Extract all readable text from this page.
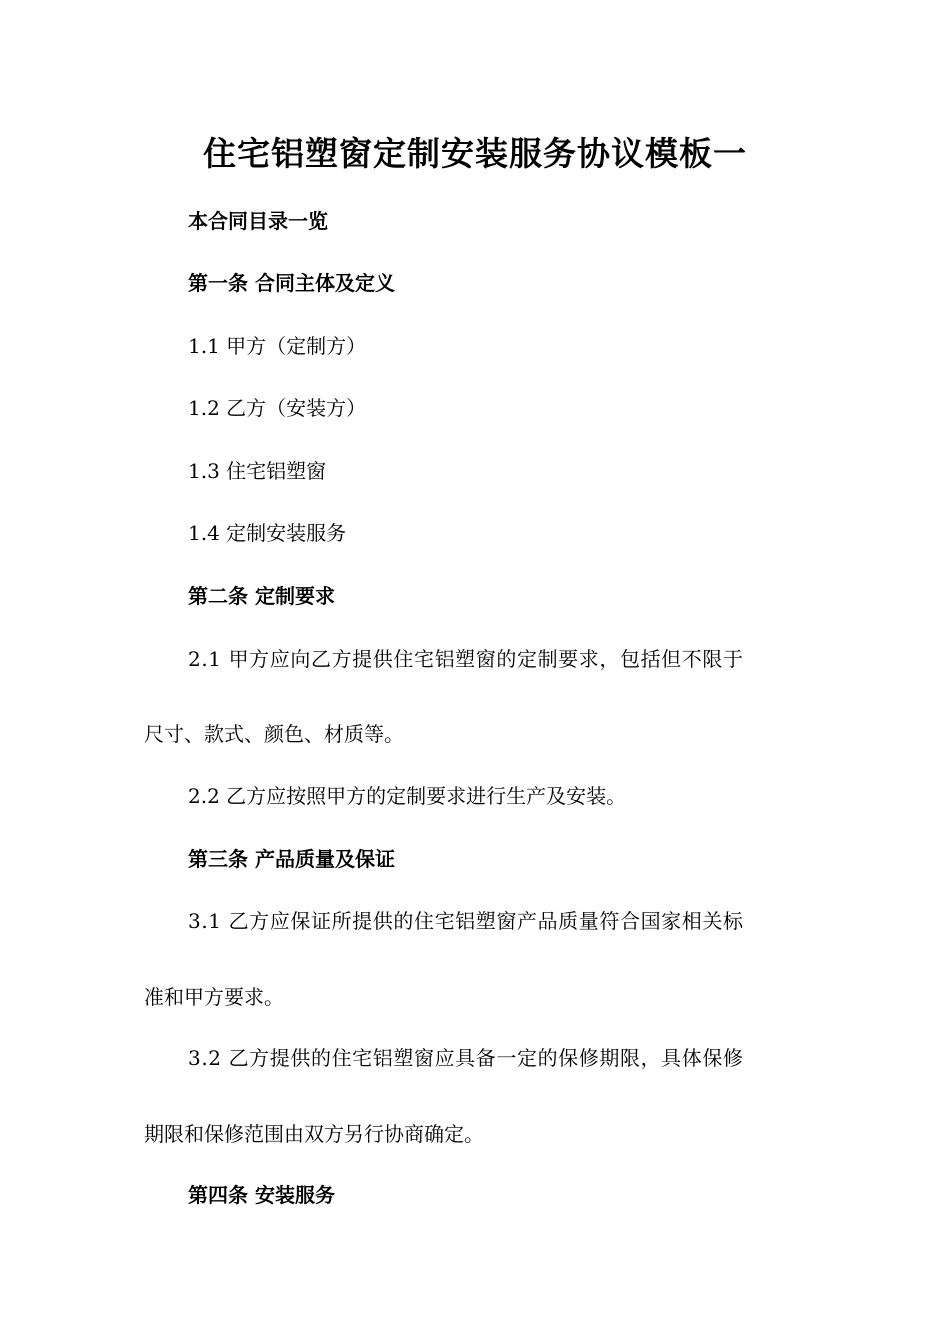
住宅铝塑窗定制安装服务协议模板一
本合同目录一览
第一条 合同主体及定义
1.1 甲方（定制方）
1.2 乙方（安装方）
1.3 住宅铝塑窗
1.4 定制安装服务
第二条 定制要求
2.1 甲方应向乙方提供住宅铝塑窗的定制要求，包括但不限于
尺寸、款式、颜色、材质等。
2.2 乙方应按照甲方的定制要求进行生产及安装。
第三条 产品质量及保证
3.1 乙方应保证所提供的住宅铝塑窗产品质量符合国家相关标
准和甲方要求。
3.2 乙方提供的住宅铝塑窗应具备一定的保修期限，具体保修
期限和保修范围由双方另行协商确定。
第四条 安装服务
